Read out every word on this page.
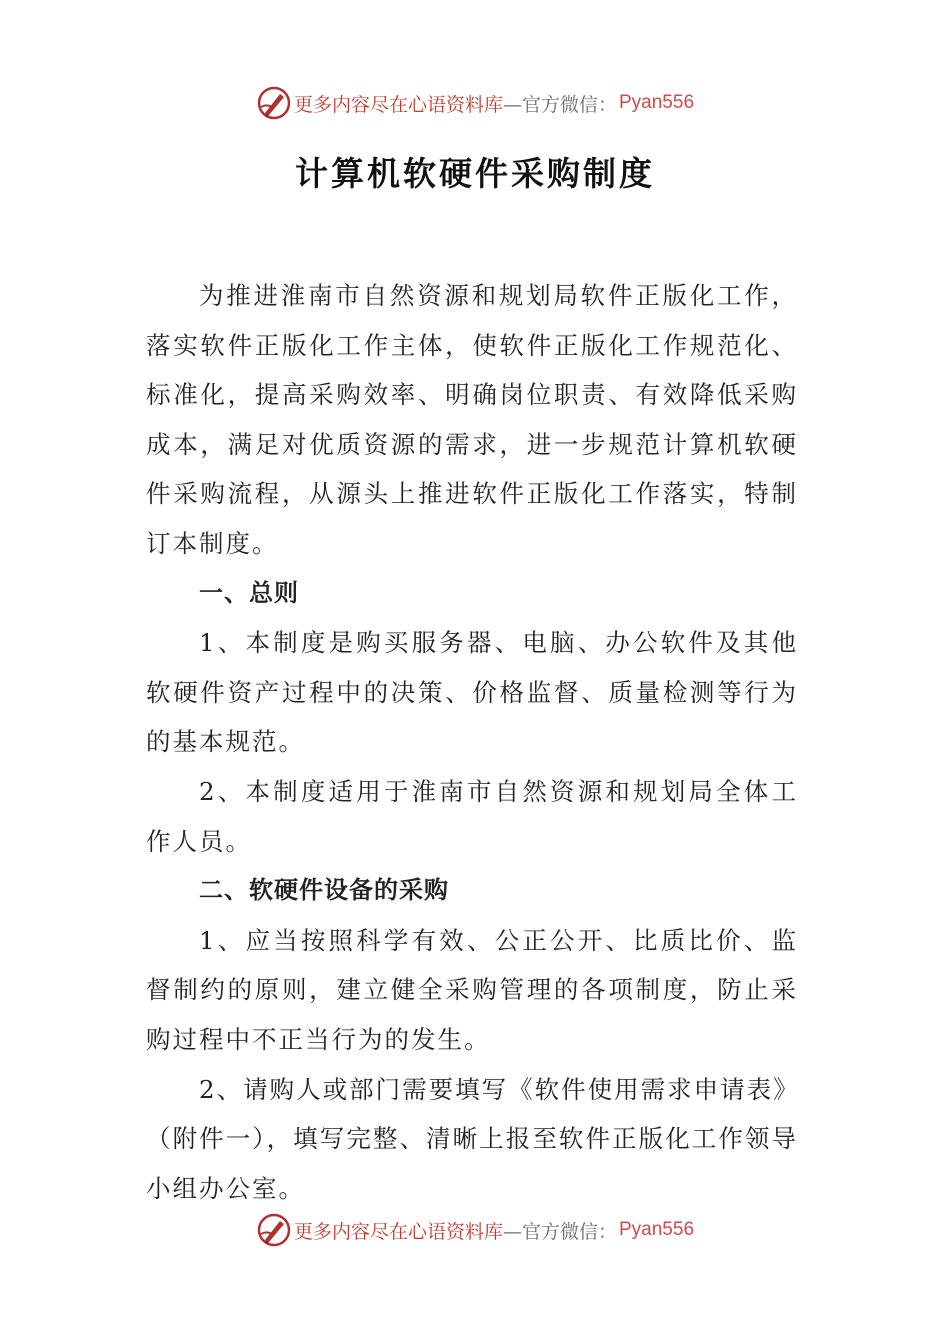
更多内容尽在心语资料库 —官方微信： Pyan556
计算机软硬件采购制度

为推进淮南市自然资源和规划局软件正版化工作，落实软件正版化工作主体，使软件正版化工作规范化、标准化，提高采购效率、明确岗位职责、有效降低采购成本，满足对优质资源的需求，进一步规范计算机软硬件采购流程，从源头上推进软件正版化工作落实，特制订本制度。

一、总则

1、本制度是购买服务器、电脑、办公软件及其他软硬件资产过程中的决策、价格监督、质量检测等行为的基本规范。

2、本制度适用于淮南市自然资源和规划局全体工作人员。

二、软硬件设备的采购

1、应当按照科学有效、公正公开、比质比价、监督制约的原则，建立健全采购管理的各项制度，防止采购过程中不正当行为的发生。

2、请购人或部门需要填写《软件使用需求申请表》
（附件一），填写完整、清晰上报至软件正版化工作领导小组办公室。

更多内容尽在心语资料库 —官方微信： Pyan556
